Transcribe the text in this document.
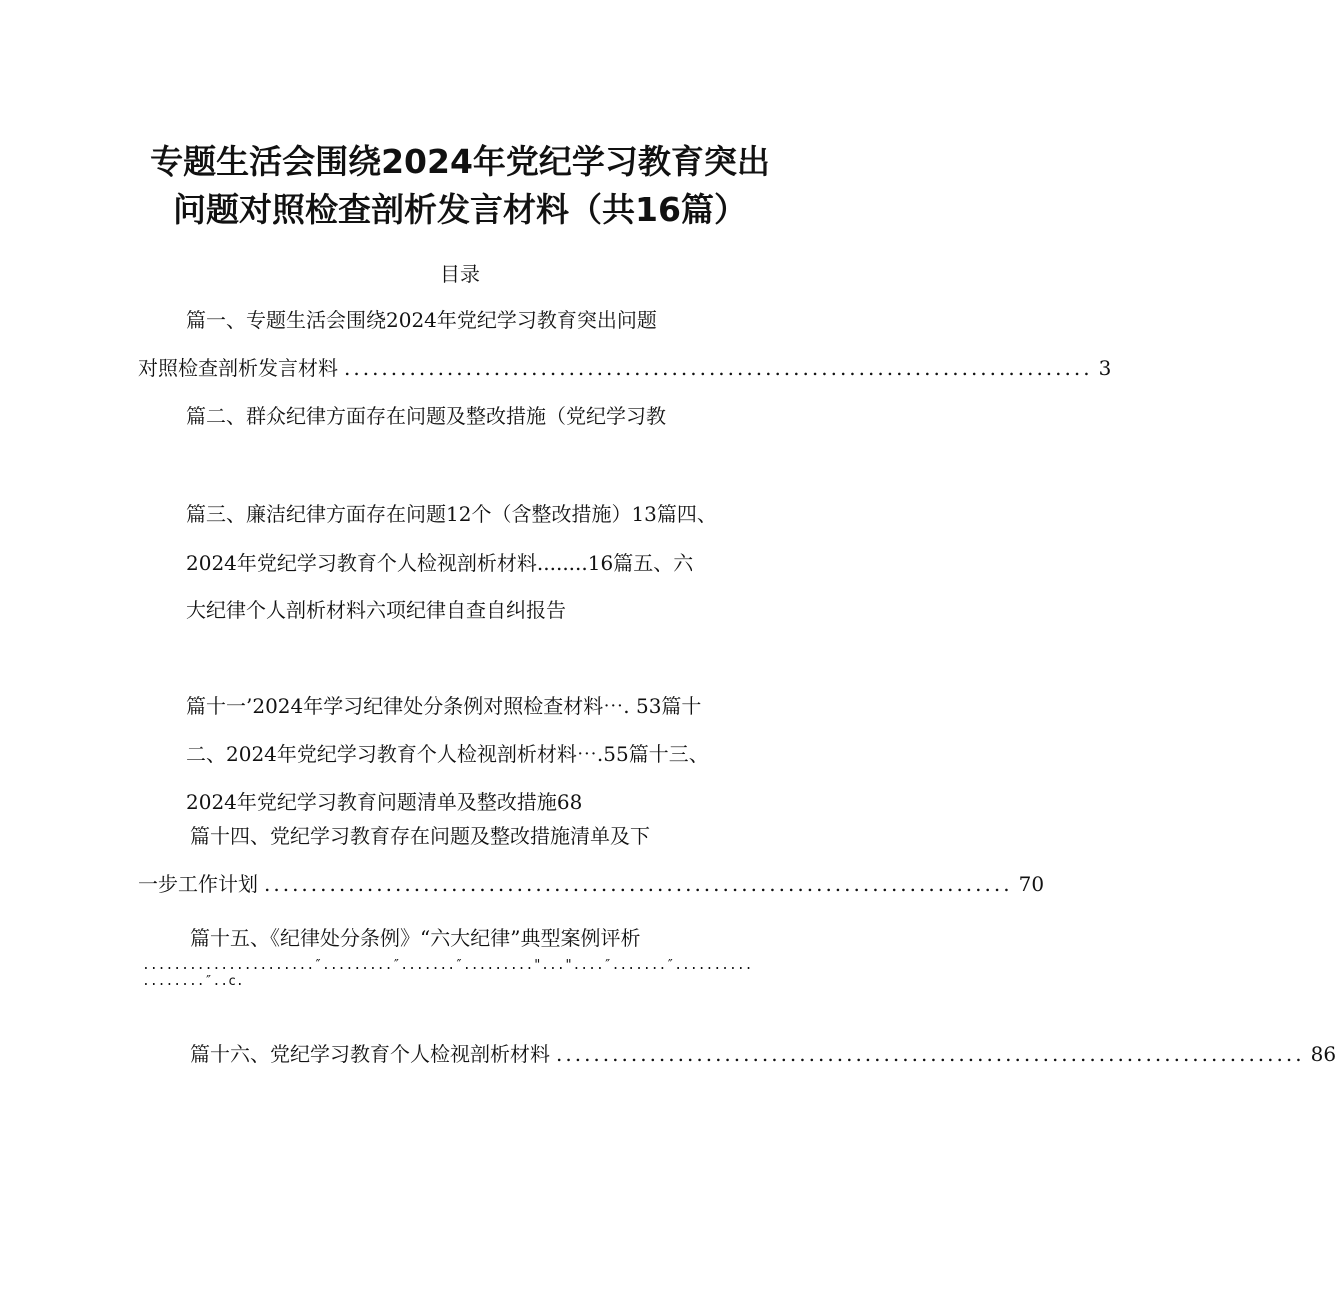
专题生活会围绕2024年党纪学习教育突出
问题对照检查剖析发言材料（共16篇）
目录
篇一、专题生活会围绕2024年党纪学习教育突出问题
对照检查剖析发言材料 ................................................................................ 3
篇二、群众纪律方面存在问题及整改措施（党纪学习教
篇三、廉洁纪律方面存在问题12个（含整改措施）13篇四、
2024年党纪学习教育个人检视剖析材料........16篇五、六
大纪律个人剖析材料六项纪律自查自纠报告
篇十一’2024年学习纪律处分条例对照检查材料⋯. 53篇十
二、2024年党纪学习教育个人检视剖析材料⋯.55篇十三、
2024年党纪学习教育问题清单及整改措施68
篇十四、党纪学习教育存在问题及整改措施清单及下
一步工作计划 ................................................................................ 70
篇十五、《纪律处分条例》“六大纪律”典型案例评析
......................″.........″.......″........."..."....″.......″..........
........″..c.
篇十六、党纪学习教育个人检视剖析材料 ................................................................................ 86
